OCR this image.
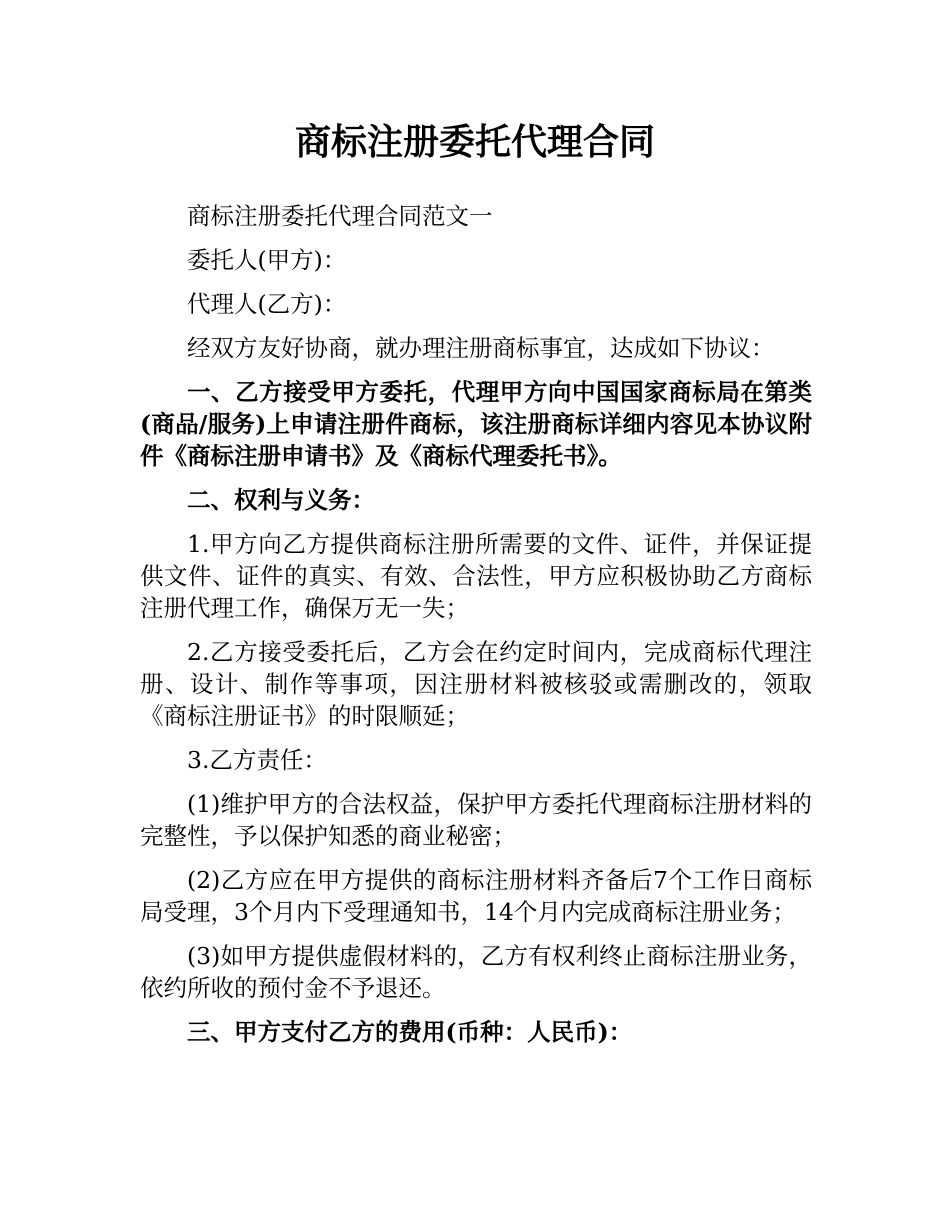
商标注册委托代理合同

商标注册委托代理合同范文一

委托人(甲方)：

代理人(乙方)：

经双方友好协商，就办理注册商标事宜，达成如下协议：

一、乙方接受甲方委托，代理甲方向中国国家商标局在第类(商品/服务)上申请注册件商标，该注册商标详细内容见本协议附件《商标注册申请书》及《商标代理委托书》。

二、权利与义务：

1.甲方向乙方提供商标注册所需要的文件、证件，并保证提供文件、证件的真实、有效、合法性，甲方应积极协助乙方商标注册代理工作，确保万无一失；

2.乙方接受委托后，乙方会在约定时间内，完成商标代理注册、设计、制作等事项，因注册材料被核驳或需删改的，领取《商标注册证书》的时限顺延；

3.乙方责任：

(1)维护甲方的合法权益，保护甲方委托代理商标注册材料的完整性，予以保护知悉的商业秘密；

(2)乙方应在甲方提供的商标注册材料齐备后7个工作日商标局受理，3个月内下受理通知书，14个月内完成商标注册业务；

(3)如甲方提供虚假材料的，乙方有权利终止商标注册业务，依约所收的预付金不予退还。

三、甲方支付乙方的费用(币种：人民币)：
